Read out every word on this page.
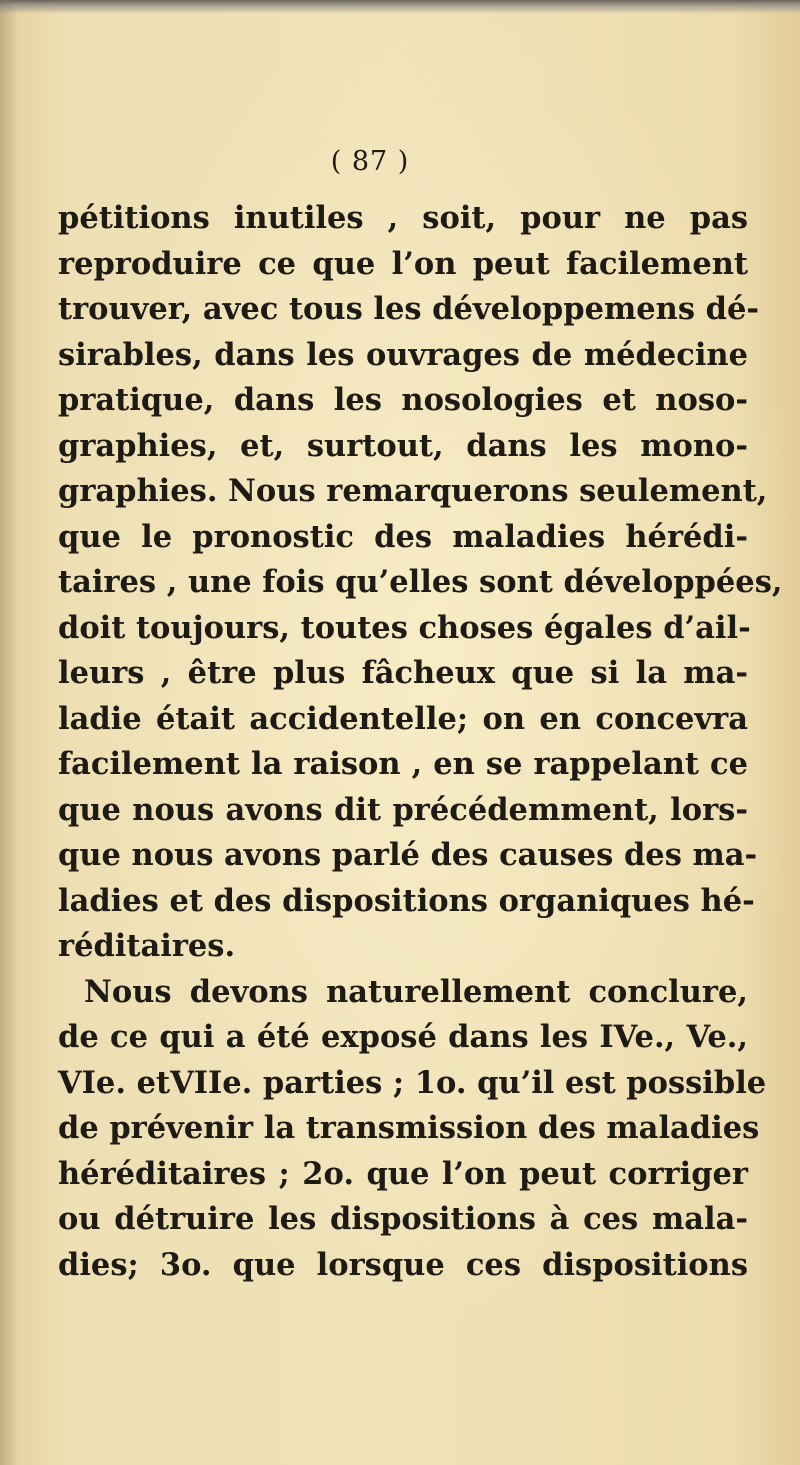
( 87 )
pétitions inutiles , soit, pour ne pas
reproduire ce que l’on peut facilement
trouver, avec tous les développemens dé-
sirables, dans les ouvrages de médecine
pratique, dans les nosologies et noso-
graphies, et, surtout, dans les mono-
graphies. Nous remarquerons seulement,
que le pronostic des maladies hérédi-
taires , une fois qu’elles sont développées,
doit toujours, toutes choses égales d’ail-
leurs , être plus fâcheux que si la ma-
ladie était accidentelle; on en concevra
facilement la raison , en se rappelant ce
que nous avons dit précédemment, lors-
que nous avons parlé des causes des ma-
ladies et des dispositions organiques hé-
réditaires.
Nous devons naturellement conclure,
de ce qui a été exposé dans les IVe., Ve.,
VIe. etVIIe. parties ; 1o. qu’il est possible
de prévenir la transmission des maladies
héréditaires ; 2o. que l’on peut corriger
ou détruire les dispositions à ces mala-
dies; 3o. que lorsque ces dispositions
